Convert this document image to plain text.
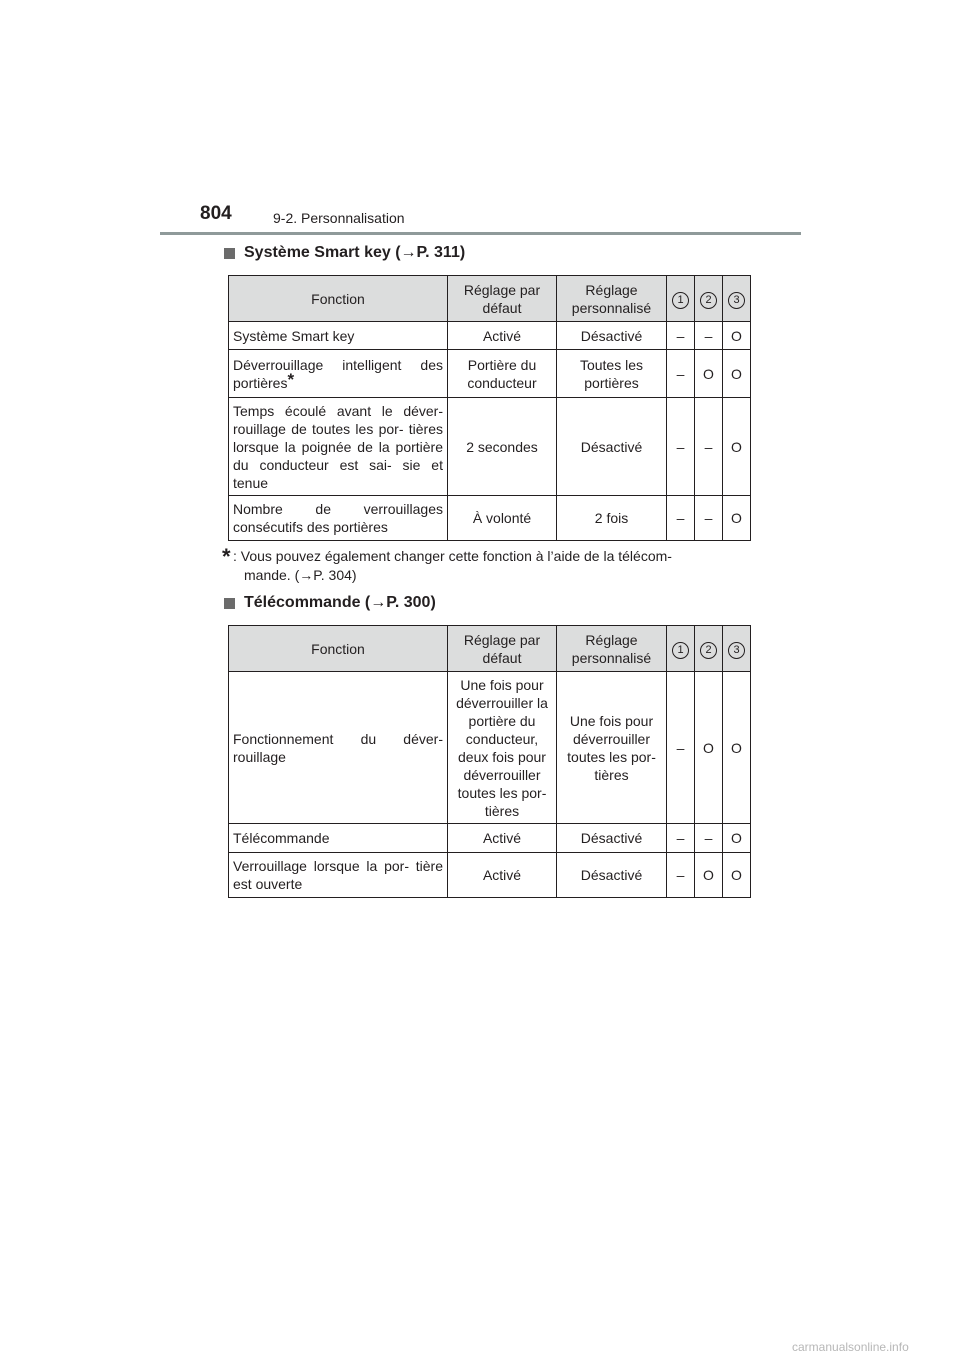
804	9-2. Personnalisation
Système Smart key (→P. 311)
Fonction	Réglage par défaut	Réglage personnalisé	1	2	3
Système Smart key	Activé	Désactivé	–	–	O
Déverrouillage intelligent des portières*	Portière du conducteur	Toutes les portières	–	O	O
Temps écoulé avant le déver- rouillage de toutes les por- tières lorsque la poignée de la portière du conducteur est sai- sie et tenue	2 secondes	Désactivé	–	–	O
Nombre de verrouillages consécutifs des portières	À volonté	2 fois	–	–	O
* : Vous pouvez également changer cette fonction à l’aide de la télécom-
mande. (→P. 304)
Télécommande (→P. 300)
Fonction	Réglage par défaut	Réglage personnalisé	1	2	3
Fonctionnement du déver- rouillage	Une fois pour déverrouiller la portière du conducteur, deux fois pour déverrouiller toutes les por- tières	Une fois pour déverrouiller toutes les por- tières	–	O	O
Télécommande	Activé	Désactivé	–	–	O
Verrouillage lorsque la por- tière est ouverte	Activé	Désactivé	–	O	O
carmanualsonline.info
